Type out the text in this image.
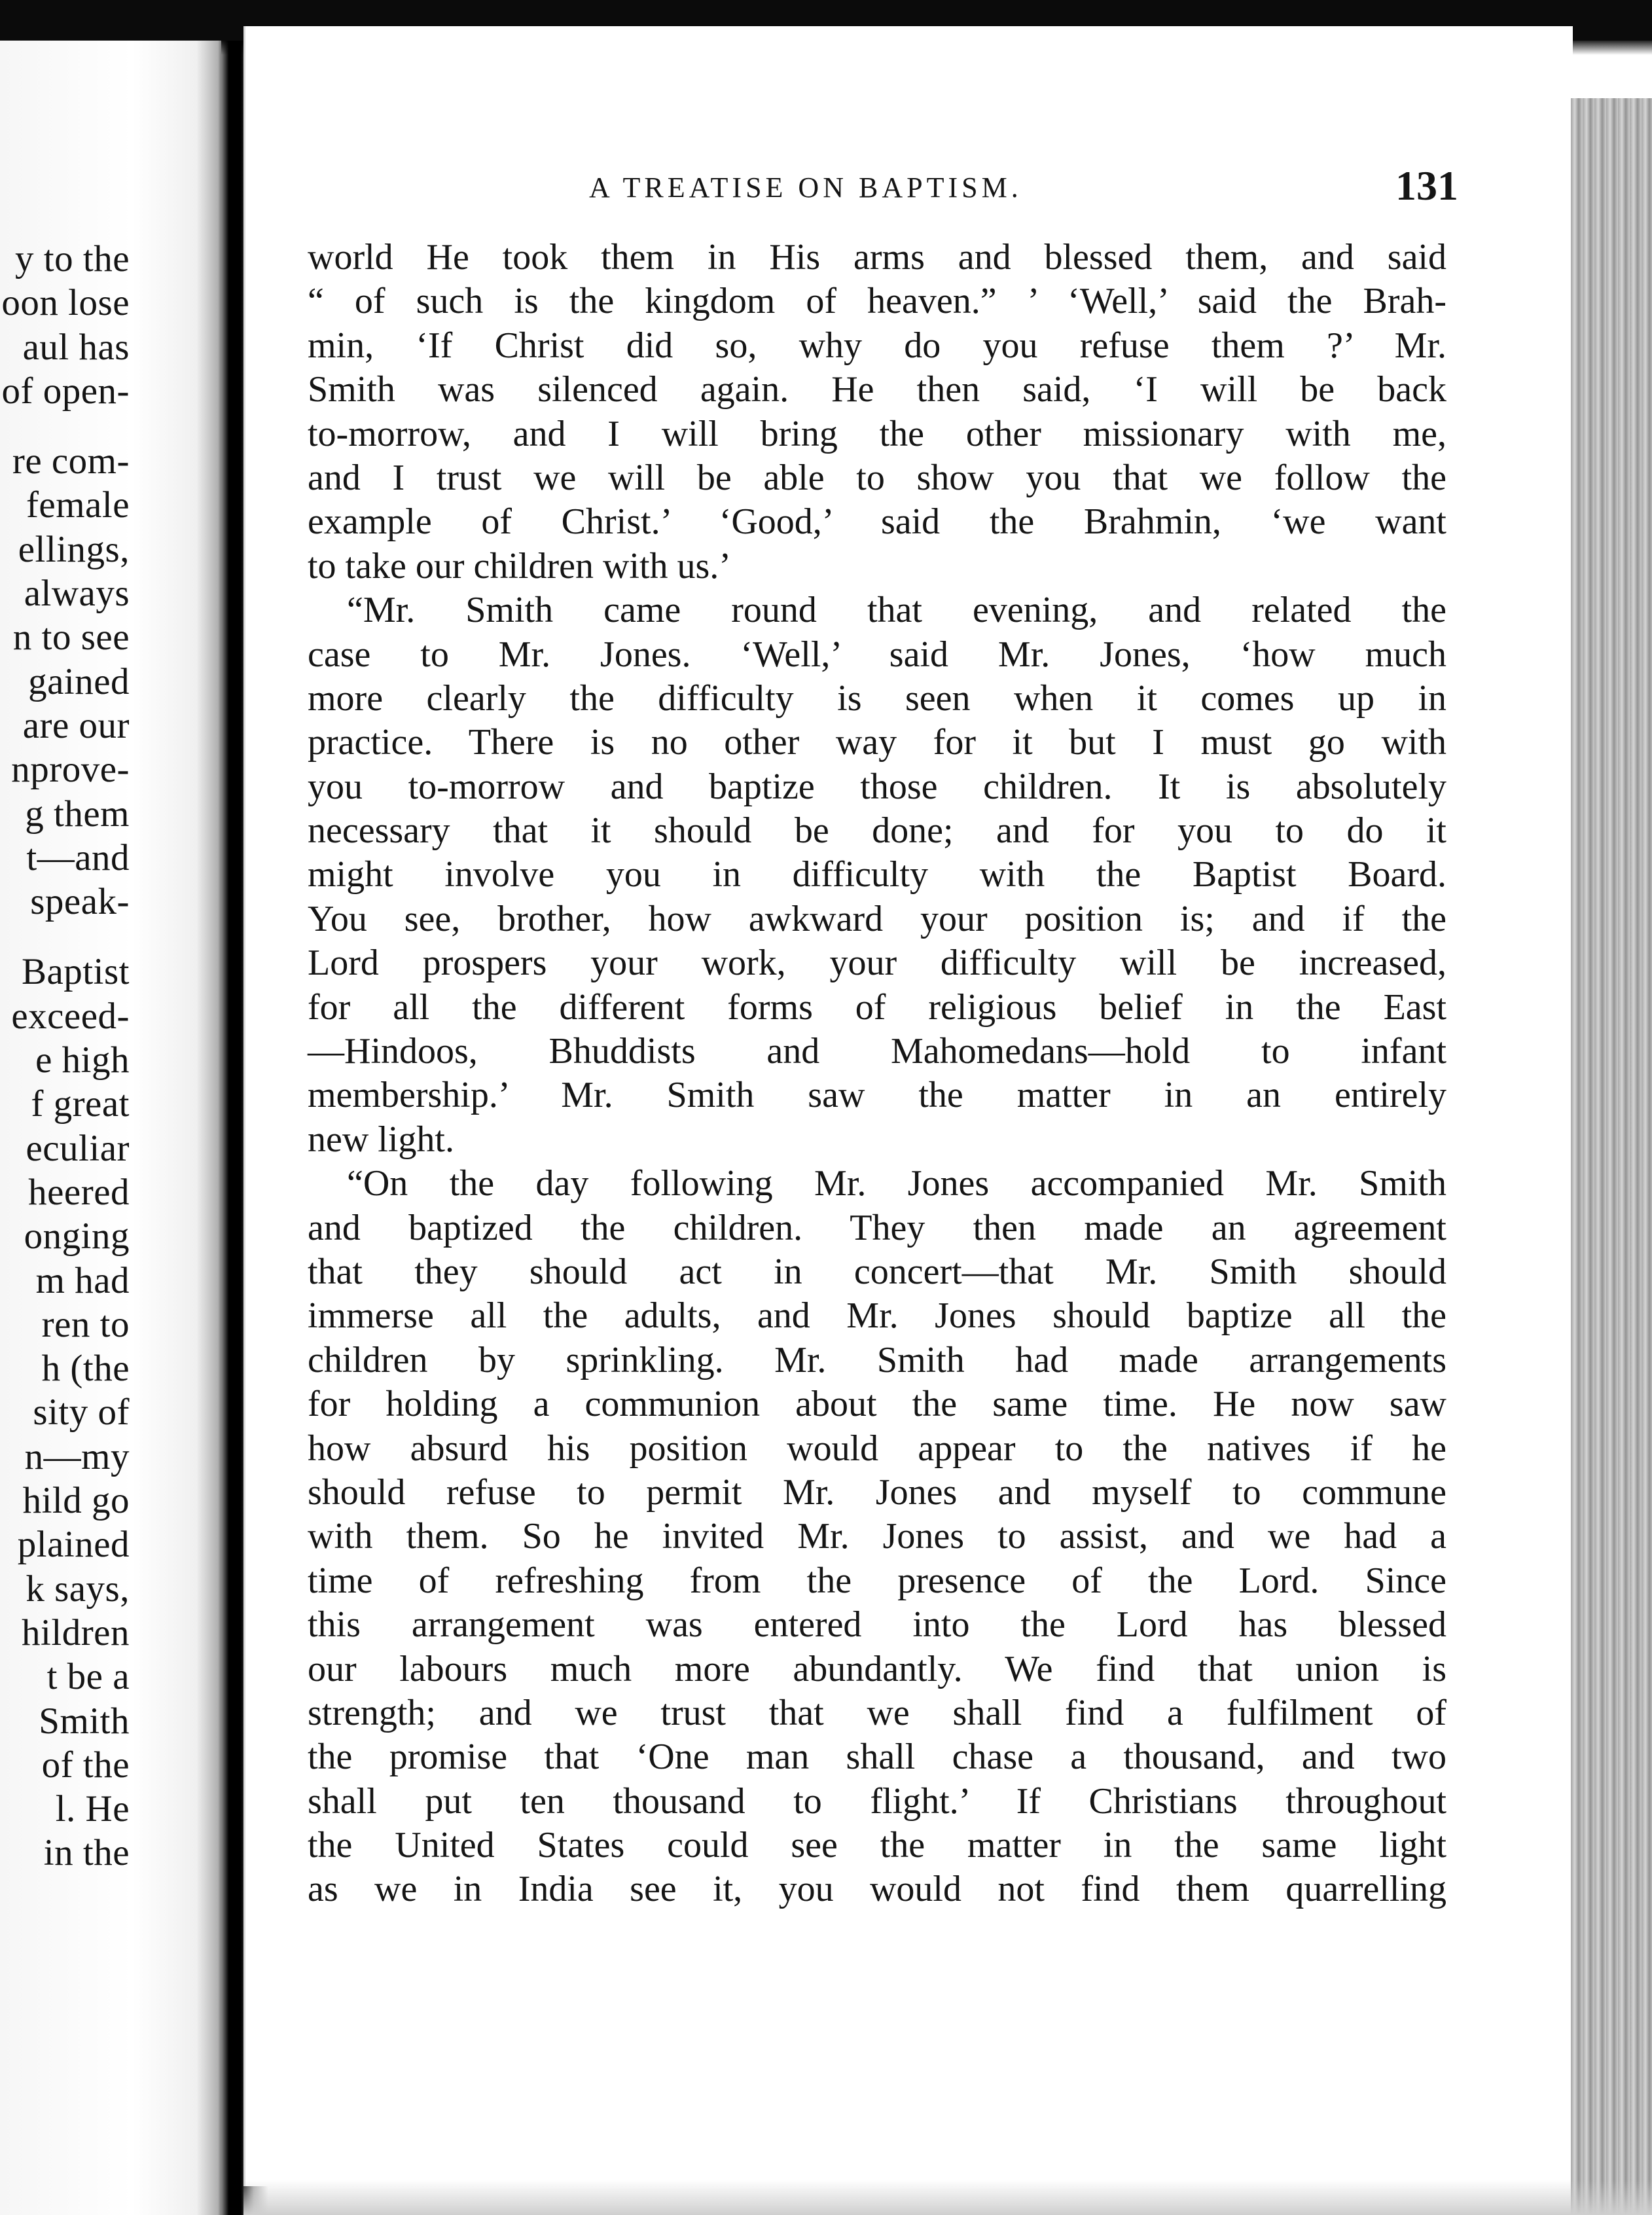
y to the
oon lose
aul has
of open-
re com-
female
ellings,
always
n to see
gained
are our
nprove-
g them
t—and
speak-
Baptist
exceed-
e high
f great
eculiar
heered
onging
m had
ren to
h (the
sity of
n—my
hild go
plained
k says,
hildren
t be a
Smith
of the
l. He
in the
A TREATISE ON BAPTISM.	131
world He took them in His arms and blessed them, and said
“ of such is the kingdom of heaven.” ’ ‘Well,’ said the Brah-
min, ‘If Christ did so, why do you refuse them ?’ Mr.
Smith was silenced again. He then said, ‘I will be back
to-morrow, and I will bring the other missionary with me,
and I trust we will be able to show you that we follow the
example of Christ.’ ‘Good,’ said the Brahmin, ‘we want
to take our children with us.’
“Mr. Smith came round that evening, and related the
case to Mr. Jones. ‘Well,’ said Mr. Jones, ‘how much
more clearly the difficulty is seen when it comes up in
practice. There is no other way for it but I must go with
you to-morrow and baptize those children. It is absolutely
necessary that it should be done; and for you to do it
might involve you in difficulty with the Baptist Board.
You see, brother, how awkward your position is; and if the
Lord prospers your work, your difficulty will be increased,
for all the different forms of religious belief in the East
—Hindoos, Bhuddists and Mahomedans—hold to infant
membership.’ Mr. Smith saw the matter in an entirely
new light.
“On the day following Mr. Jones accompanied Mr. Smith
and baptized the children. They then made an agreement
that they should act in concert—that Mr. Smith should
immerse all the adults, and Mr. Jones should baptize all the
children by sprinkling. Mr. Smith had made arrangements
for holding a communion about the same time. He now saw
how absurd his position would appear to the natives if he
should refuse to permit Mr. Jones and myself to commune
with them. So he invited Mr. Jones to assist, and we had a
time of refreshing from the presence of the Lord. Since
this arrangement was entered into the Lord has blessed
our labours much more abundantly. We find that union is
strength; and we trust that we shall find a fulfilment of
the promise that ‘One man shall chase a thousand, and two
shall put ten thousand to flight.’ If Christians throughout
the United States could see the matter in the same light
as we in India see it, you would not find them quarrelling
